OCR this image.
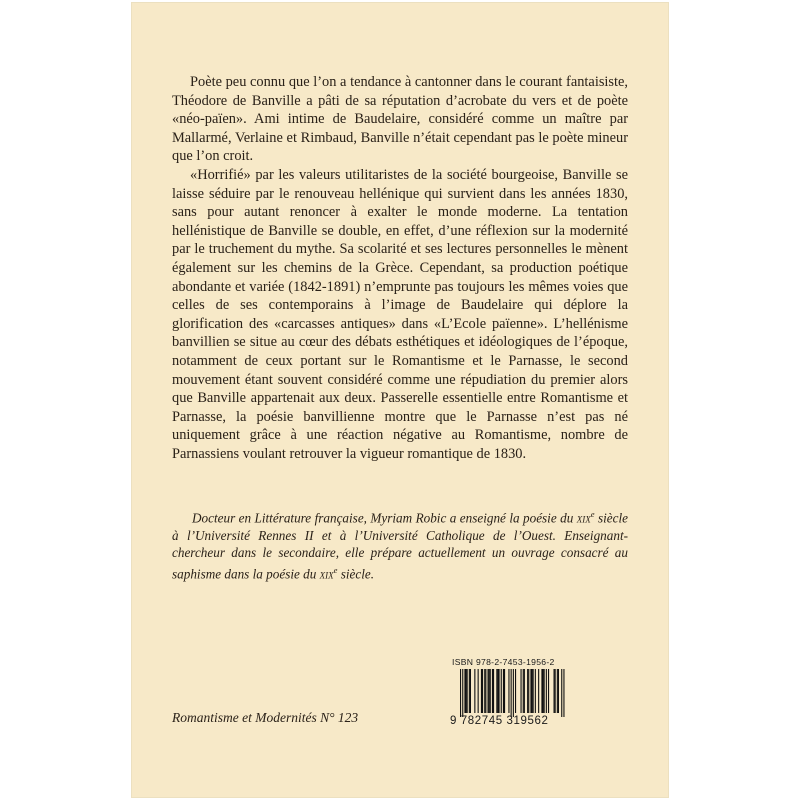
Poète peu connu que l’on a tendance à cantonner dans le courant fantaisiste, Théodore de Banville a pâti de sa réputation d’acrobate du vers et de poète «néo-païen». Ami intime de Baudelaire, considéré comme un maître par Mallarmé, Verlaine et Rimbaud, Banville n’était cependant pas le poète mineur que l’on croit.

«Horrifié» par les valeurs utilitaristes de la société bourgeoise, Banville se laisse séduire par le renouveau hellénique qui survient dans les années 1830, sans pour autant renoncer à exalter le monde moderne. La tentation hellénistique de Banville se double, en effet, d’une réflexion sur la modernité par le truchement du mythe. Sa scolarité et ses lectures personnelles le mènent également sur les chemins de la Grèce. Cependant, sa production poétique abondante et variée (1842-1891) n’emprunte pas toujours les mêmes voies que celles de ses contemporains à l’image de Baudelaire qui déplore la glorification des «carcasses antiques» dans «L’Ecole païenne». L’hellénisme banvillien se situe au cœur des débats esthétiques et idéologiques de l’époque, notamment de ceux portant sur le Romantisme et le Parnasse, le second mouvement étant souvent considéré comme une répudiation du premier alors que Banville appartenait aux deux. Passerelle essentielle entre Romantisme et Parnasse, la poésie banvillienne montre que le Parnasse n’est pas né uniquement grâce à une réaction négative au Romantisme, nombre de Parnassiens voulant retrouver la vigueur romantique de 1830.

Docteur en Littérature française, Myriam Robic a enseigné la poésie du xix$^e$ siècle à l’Université Rennes II et à l’Université Catholique de l’Ouest. Enseignant-chercheur dans le secondaire, elle prépare actuellement un ouvrage consacré au saphisme dans la poésie du xix$^e$ siècle.

Romantisme et Modernités N° 123
ISBN 978-2-7453-1956-2
9 782745 319562
